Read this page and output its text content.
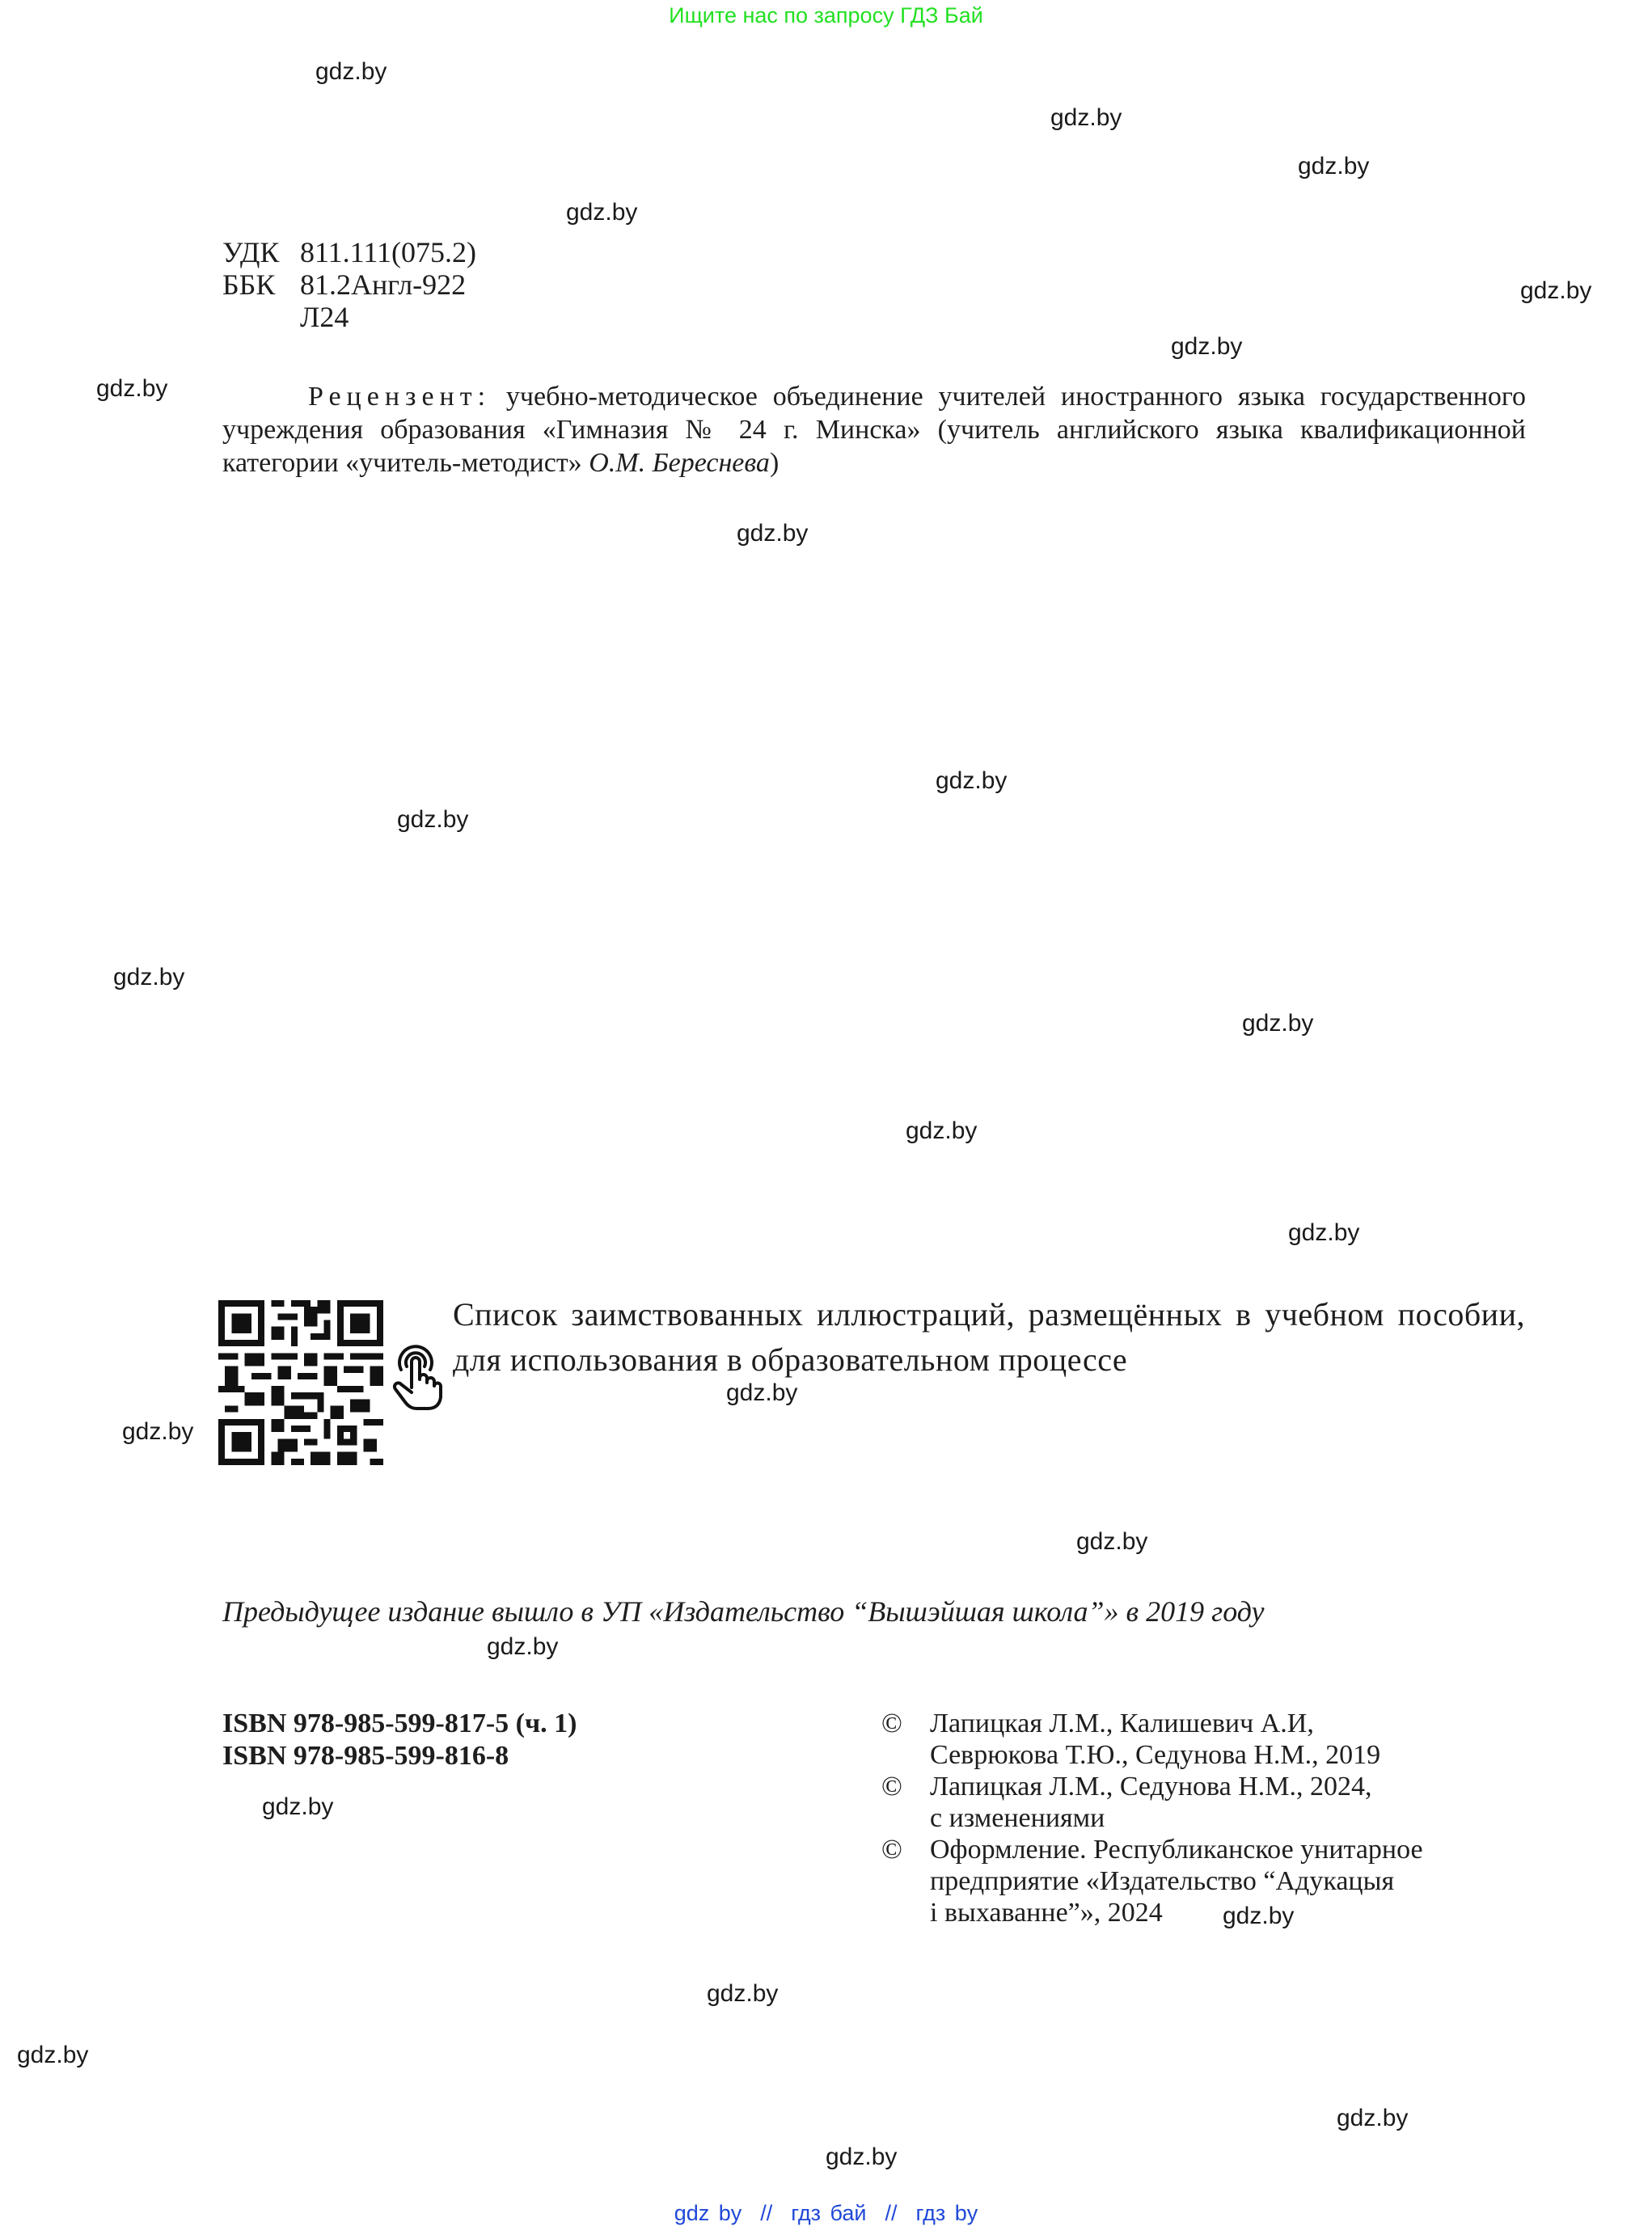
Ищите нас по запросу ГДЗ Бай
gdz.by
gdz.by
gdz.by
gdz.by
gdz.by
gdz.by
gdz.by
gdz.by
gdz.by
gdz.by
gdz.by
gdz.by
gdz.by
gdz.by
gdz.by
gdz.by
gdz.by
gdz.by
gdz.by
gdz.by
gdz.by
gdz.by
gdz.by
gdz.by
УДК 811.111(075.2)
ББК 81.2Англ-922
Л24
Рецензент: учебно-методическое объединение учителей иностранного языка государственного учреждения образования «Гимназия № 24 г. Минска» (учитель английского языка квалификационной категории «учитель-методист» О.М. Береснева)
Список заимствованных иллюстраций, размещённых в учебном пособии, для использования в образовательном процессе
Предыдущее издание вышло в УП «Издательство “Вышэйшая школа”» в 2019 году
ISBN 978-985-599-817-5 (ч. 1)
ISBN 978-985-599-816-8
©	Лапицкая Л.М., Калишевич А.И,
Севрюкова Т.Ю., Седунова Н.М., 2019
©	Лапицкая Л.М., Седунова Н.М., 2024,
с изменениями
©	Оформление. Республиканское унитарное
предприятие «Издательство “Адукацыя
і выхаванне”», 2024
gdz by  //  гдз бай  //  гдз by
